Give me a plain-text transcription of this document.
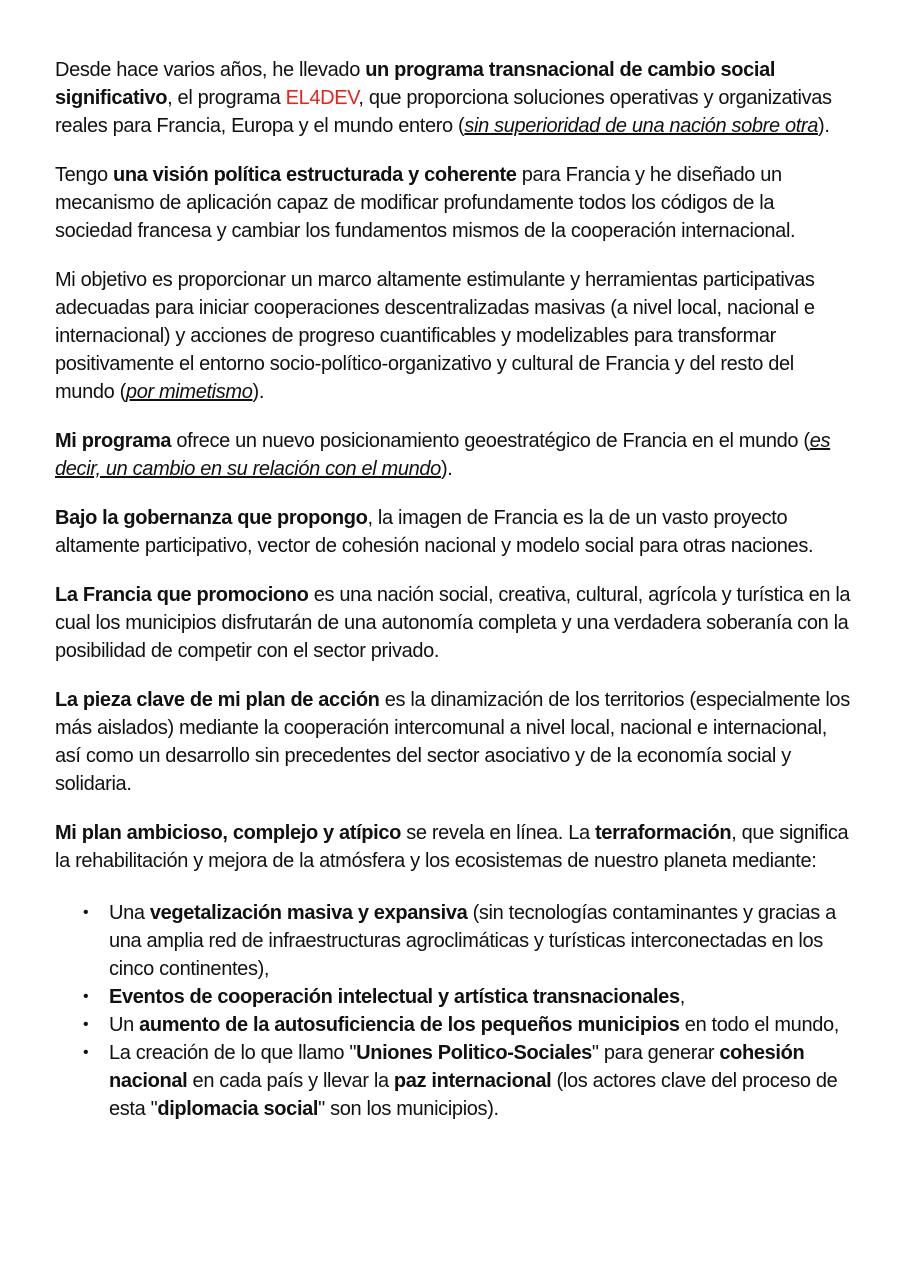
Desde hace varios años, he llevado un programa transnacional de cambio social significativo, el programa EL4DEV, que proporciona soluciones operativas y organizativas reales para Francia, Europa y el mundo entero (sin superioridad de una nación sobre otra).

Tengo una visión política estructurada y coherente para Francia y he diseñado un mecanismo de aplicación capaz de modificar profundamente todos los códigos de la sociedad francesa y cambiar los fundamentos mismos de la cooperación internacional.

Mi objetivo es proporcionar un marco altamente estimulante y herramientas participativas adecuadas para iniciar cooperaciones descentralizadas masivas (a nivel local, nacional e internacional) y acciones de progreso cuantificables y modelizables para transformar positivamente el entorno socio-político-organizativo y cultural de Francia y del resto del mundo (por mimetismo).

Mi programa ofrece un nuevo posicionamiento geoestratégico de Francia en el mundo (es decir, un cambio en su relación con el mundo).

Bajo la gobernanza que propongo, la imagen de Francia es la de un vasto proyecto altamente participativo, vector de cohesión nacional y modelo social para otras naciones.

La Francia que promociono es una nación social, creativa, cultural, agrícola y turística en la cual los municipios disfrutarán de una autonomía completa y una verdadera soberanía con la posibilidad de competir con el sector privado.

La pieza clave de mi plan de acción es la dinamización de los territorios (especialmente los más aislados) mediante la cooperación intercomunal a nivel local, nacional e internacional, así como un desarrollo sin precedentes del sector asociativo y de la economía social y solidaria.

Mi plan ambicioso, complejo y atípico se revela en línea. La terraformación, que significa la rehabilitación y mejora de la atmósfera y los ecosistemas de nuestro planeta mediante:

• Una vegetalización masiva y expansiva (sin tecnologías contaminantes y gracias a una amplia red de infraestructuras agroclimáticas y turísticas interconectadas en los cinco continentes),
• Eventos de cooperación intelectual y artística transnacionales,
• Un aumento de la autosuficiencia de los pequeños municipios en todo el mundo,
• La creación de lo que llamo "Uniones Politico-Sociales" para generar cohesión nacional en cada país y llevar la paz internacional (los actores clave del proceso de esta "diplomacia social" son los municipios).
